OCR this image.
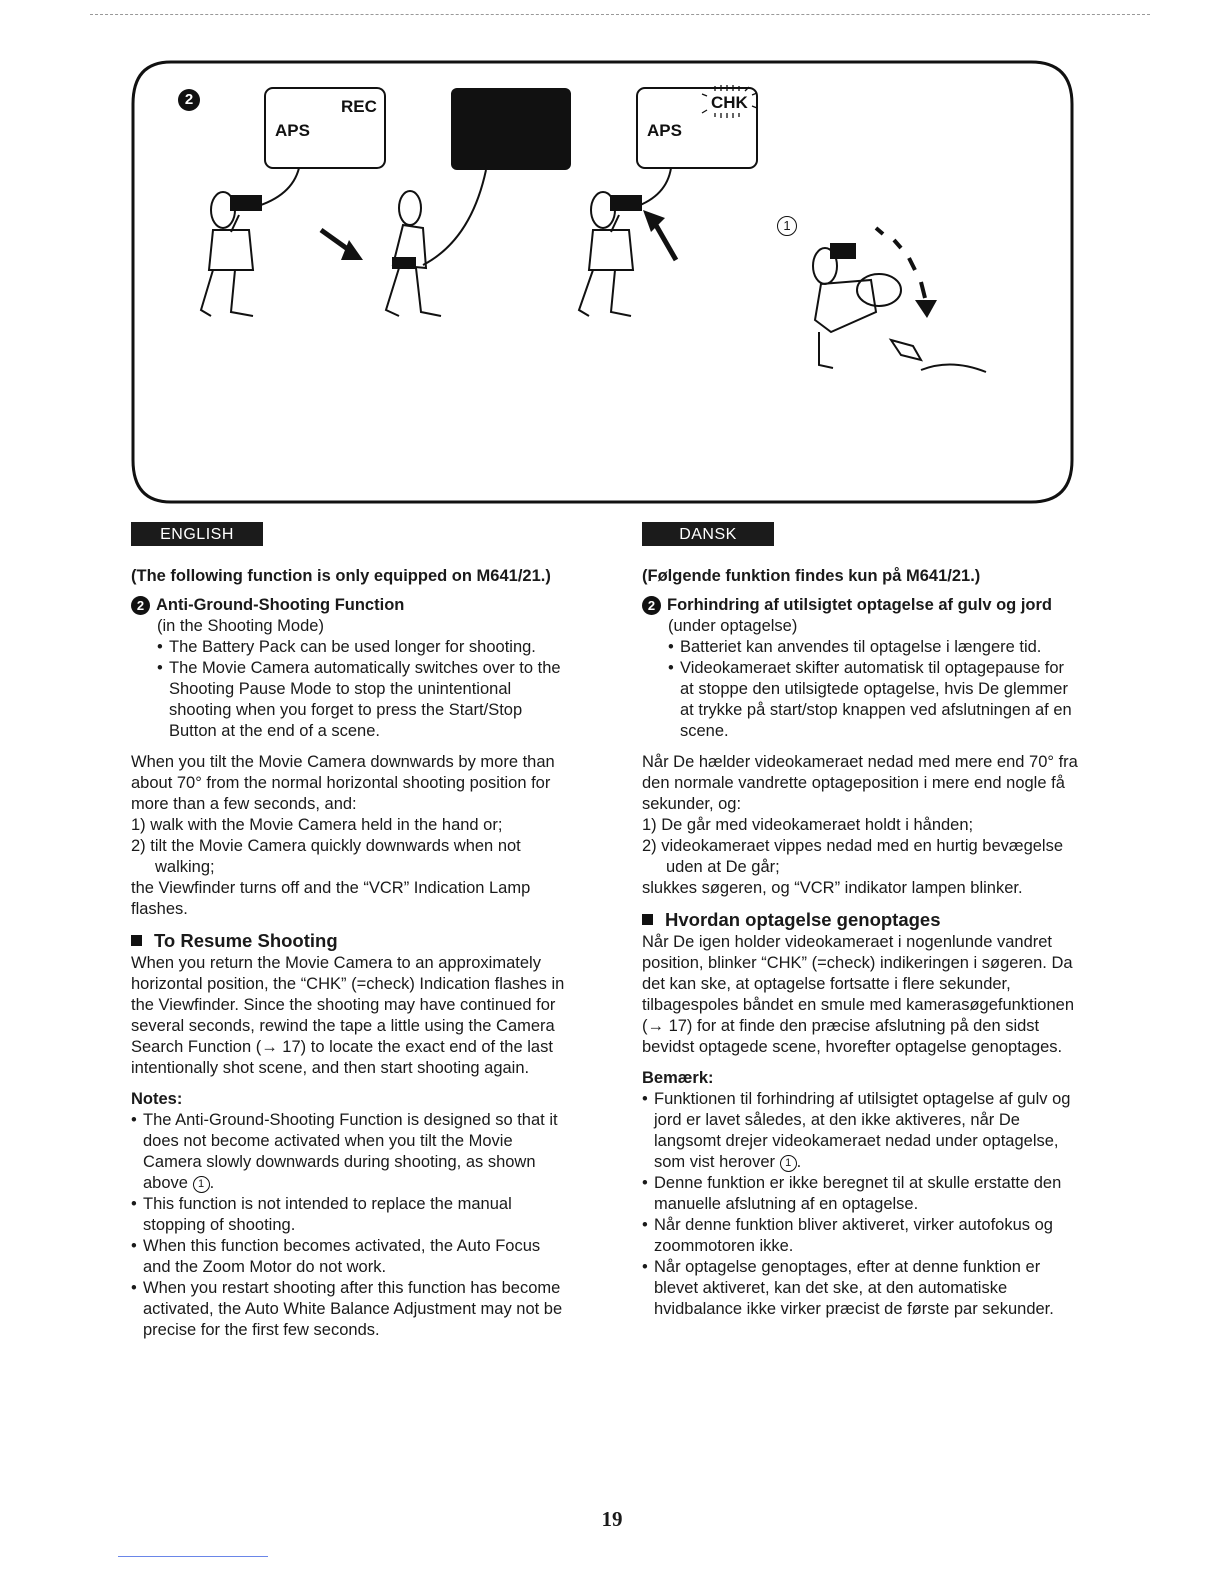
2	REC
APS
CHK
APS
1
ENGLISH

(The following function is only equipped on M641/21.)

2 Anti-Ground-Shooting Function

(in the Shooting Mode)

• The Battery Pack can be used longer for shooting.

• The Movie Camera automatically switches over to the Shooting Pause Mode to stop the unintentional shooting when you forget to press the Start/Stop Button at the end of a scene.

When you tilt the Movie Camera downwards by more than about 70° from the normal horizontal shooting position for more than a few seconds, and:

1) walk with the Movie Camera held in the hand or;

2) tilt the Movie Camera quickly downwards when not walking;

the Viewfinder turns off and the “VCR” Indication Lamp flashes.

To Resume Shooting

When you return the Movie Camera to an approximately horizontal position, the “CHK” (=check) Indication flashes in the Viewfinder. Since the shooting may have continued for several seconds, rewind the tape a little using the Camera Search Function (→ 17) to locate the exact end of the last intentionally shot scene, and then start shooting again.

Notes:

• The Anti-Ground-Shooting Function is designed so that it does not become activated when you tilt the Movie Camera slowly downwards during shooting, as shown above 1 .

• This function is not intended to replace the manual stopping of shooting.

• When this function becomes activated, the Auto Focus and the Zoom Motor do not work.

• When you restart shooting after this function has become activated, the Auto White Balance Adjustment may not be precise for the first few seconds.

DANSK

(Følgende funktion findes kun på M641/21.)

2 Forhindring af utilsigtet optagelse af gulv og jord

(under optagelse)

• Batteriet kan anvendes til optagelse i længere tid.

• Videokameraet skifter automatisk til optagepause for at stoppe den utilsigtede optagelse, hvis De glemmer at trykke på start/stop knappen ved afslutningen af en scene.

Når De hælder videokameraet nedad med mere end 70° fra den normale vandrette optageposition i mere end nogle få sekunder, og:

1) De går med videokameraet holdt i hånden;

2) videokameraet vippes nedad med en hurtig bevægelse uden at De går;

slukkes søgeren, og “VCR” indikator lampen blinker.

Hvordan optagelse genoptages

Når De igen holder videokameraet i nogenlunde vandret position, blinker “CHK” (=check) indikeringen i søgeren. Da det kan ske, at optagelse fortsatte i flere sekunder, tilbagespoles båndet en smule med kamerasøgefunktionen (→ 17) for at finde den præcise afslutning på den sidst bevidst optagede scene, hvorefter optagelse genoptages.

Bemærk:

• Funktionen til forhindring af utilsigtet optagelse af gulv og jord er lavet således, at den ikke aktiveres, når De langsomt drejer videokameraet nedad under optagelse, som vist herover 1 .

• Denne funktion er ikke beregnet til at skulle erstatte den manuelle afslutning af en optagelse.

• Når denne funktion bliver aktiveret, virker autofokus og zoommotoren ikke.

• Når optagelse genoptages, efter at denne funktion er blevet aktiveret, kan det ske, at den automatiske hvidbalance ikke virker præcist de første par sekunder.

19
